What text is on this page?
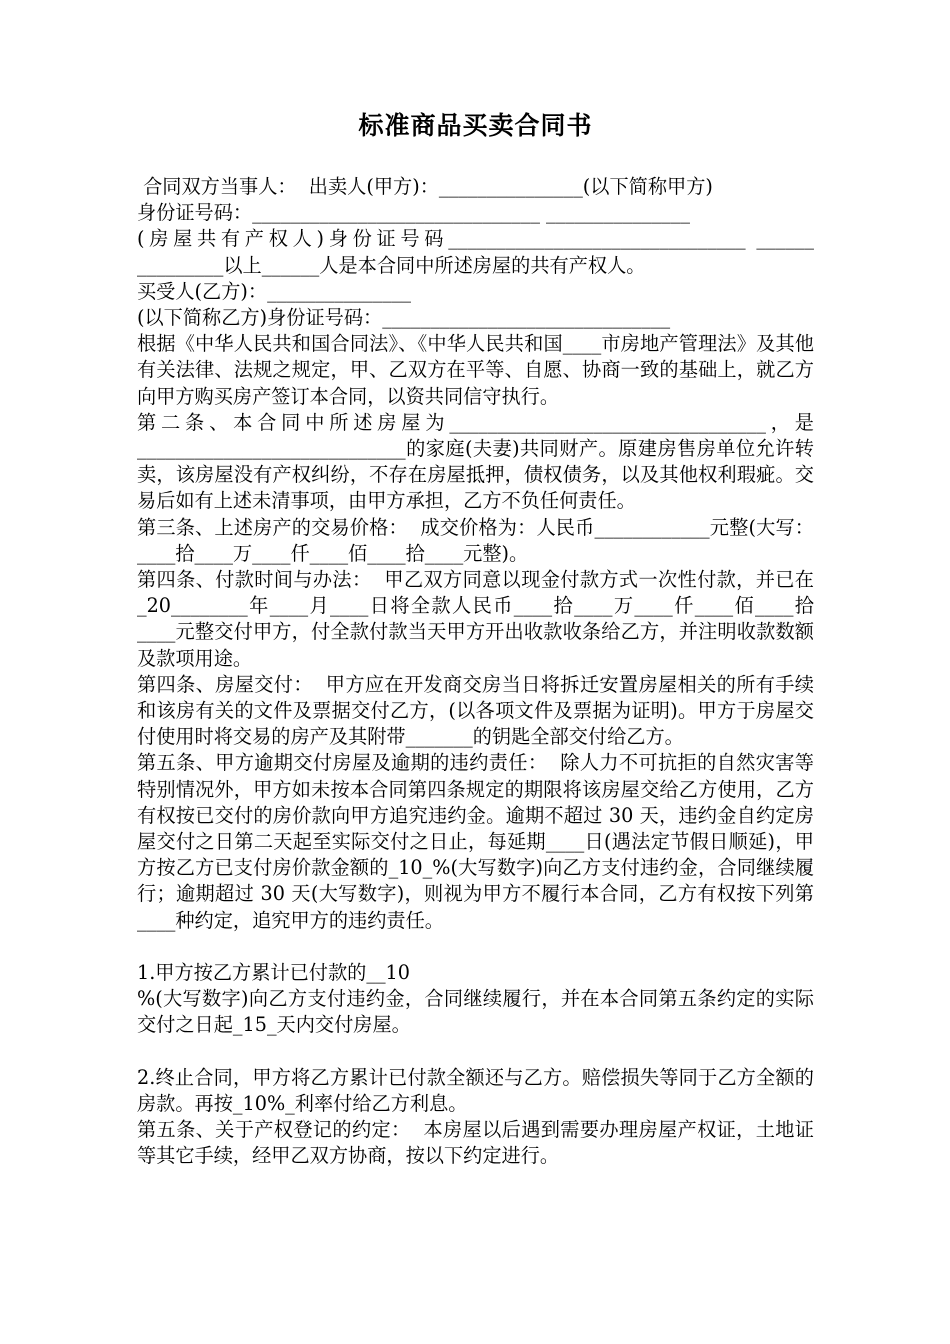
标准商品买卖合同书

合同双方当事人：  出卖人(甲方)：_______________(以下简称甲方)

身份证号码：______________________________ _______________

(房屋共有产权人)身份证号码_______________________________ ______ _________以上______人是本合同中所述房屋的共有产权人。

买受人(乙方)：_______________

(以下简称乙方)身份证号码：______________________________

根据《中华人民共和国合同法》、《中华人民共和国____市房地产管理法》及其他有关法律、法规之规定，甲、乙双方在平等、自愿、协商一致的基础上，就乙方向甲方购买房产签订本合同，以资共同信守执行。

第二条、本合同中所述房屋为_________________________________，是____________________________的家庭(夫妻)共同财产。原建房售房单位允许转卖，该房屋没有产权纠纷，不存在房屋抵押，债权债务，以及其他权利瑕疵。交易后如有上述未清事项，由甲方承担，乙方不负任何责任。

第三条、上述房产的交易价格：  成交价格为：人民币____________元整(大写：____拾____万____仟____佰____拾____元整)。

第四条、付款时间与办法：  甲乙双方同意以现金付款方式一次性付款，并已在_20________年____月____日将全款人民币____拾____万____仟____佰____拾____元整交付甲方，付全款付款当天甲方开出收款收条给乙方，并注明收款数额及款项用途。

第四条、房屋交付：  甲方应在开发商交房当日将拆迁安置房屋相关的所有手续和该房有关的文件及票据交付乙方，(以各项文件及票据为证明)。甲方于房屋交付使用时将交易的房产及其附带_______的钥匙全部交付给乙方。

第五条、甲方逾期交付房屋及逾期的违约责任：  除人力不可抗拒的自然灾害等特别情况外，甲方如未按本合同第四条规定的期限将该房屋交给乙方使用，乙方有权按已交付的房价款向甲方追究违约金。逾期不超过 30 天，违约金自约定房屋交付之日第二天起至实际交付之日止，每延期____日(遇法定节假日顺延)，甲方按乙方已支付房价款金额的_10_%(大写数字)向乙方支付违约金，合同继续履行；逾期超过 30 天(大写数字)，则视为甲方不履行本合同，乙方有权按下列第____种约定，追究甲方的违约责任。

1.甲方按乙方累计已付款的__10

%(大写数字)向乙方支付违约金，合同继续履行，并在本合同第五条约定的实际交付之日起_15_天内交付房屋。

2.终止合同，甲方将乙方累计已付款全额还与乙方。赔偿损失等同于乙方全额的房款。再按_10%_利率付给乙方利息。

第五条、关于产权登记的约定：  本房屋以后遇到需要办理房屋产权证，土地证等其它手续，经甲乙双方协商，按以下约定进行。
